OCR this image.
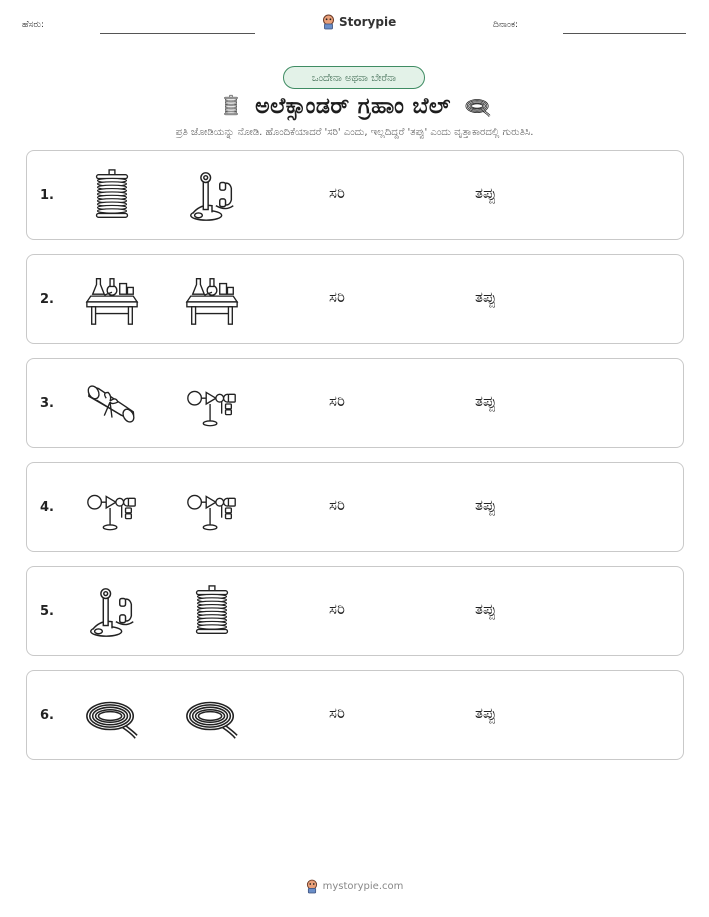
ಹೆಸರು:	Storypie	ದಿನಾಂಕ:
ಒಂದೇನಾ ಅಥವಾ ಬೇರೆನಾ
ಅಲೆಕ್ಸಾಂಡರ್ ಗ್ರಹಾಂ ಬೆಲ್
ಪ್ರತಿ ಜೋಡಿಯನ್ನು ನೋಡಿ. ಹೊಂದಿಕೆಯಾದರೆ 'ಸರಿ' ಎಂದು, ಇಲ್ಲದಿದ್ದರೆ 'ತಪ್ಪು' ಎಂದು ವೃತ್ತಾಕಾರದಲ್ಲಿ ಗುರುತಿಸಿ.
1.	ಸರಿ	ತಪ್ಪು
2.	ಸರಿ	ತಪ್ಪು
3.	ಸರಿ	ತಪ್ಪು
4.	ಸರಿ	ತಪ್ಪು
5.	ಸರಿ	ತಪ್ಪು
6.	ಸರಿ	ತಪ್ಪು
mystorypie.com
